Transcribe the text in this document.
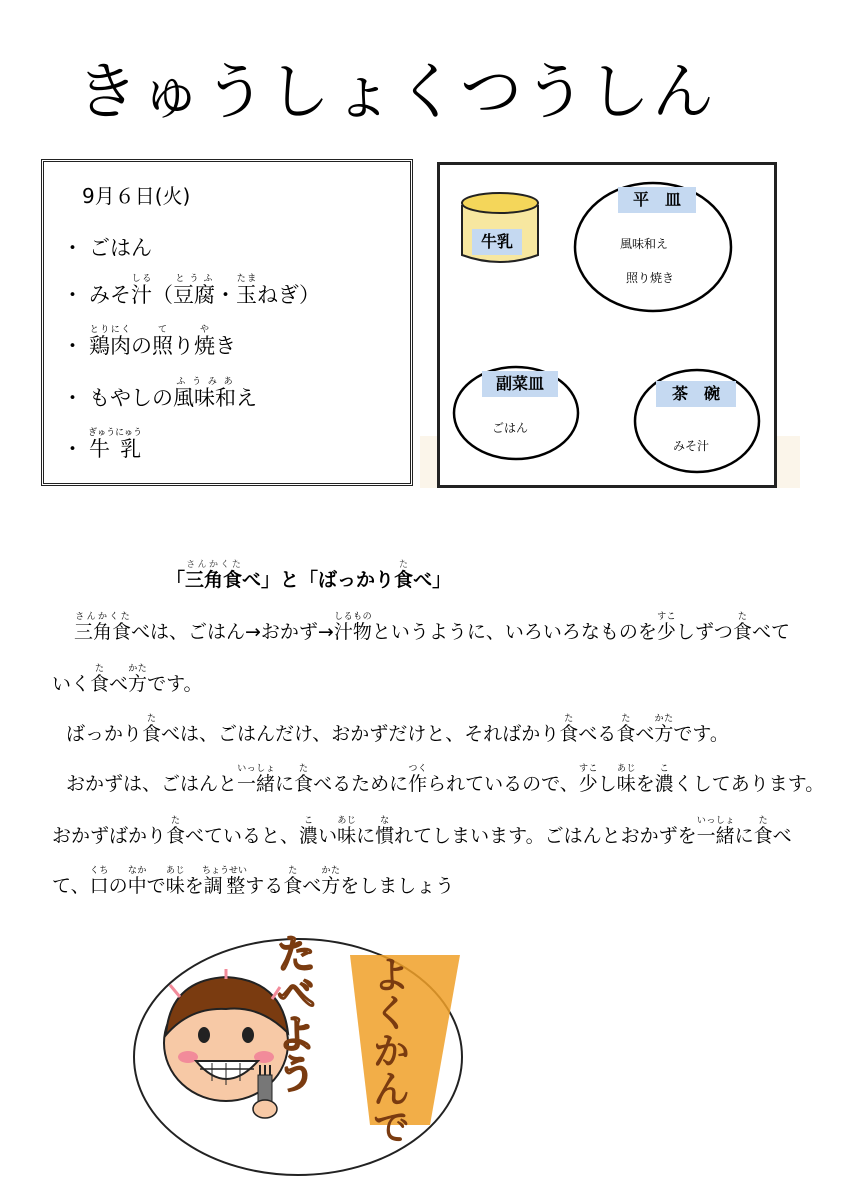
きゅうしょくつうしん
9月６日(火)
・ ごはん
・ みそ汁しる（豆腐とうふ・玉たまねぎ）
・ 鶏肉とりにくの照てり焼やき
・ もやしの風味和ふうみあえ
・ 牛 乳ぎゅうにゅう
牛乳
平　皿
風味和え
照り焼き
副菜皿
ごはん
茶　碗
みそ汁
「三角食さんかくたべ」と「ばっかり食たべ」
三角食さんかくたべは、ごはん→おかず→汁物しるものというように、いろいろなものを少すこしずつ食たべて
いく食たべ方かたです。
ばっかり食たべは、ごはんだけ、おかずだけと、そればかり食たべる食たべ方かたです。
おかずは、ごはんと一緒いっしょに食たべるために作つくられているので、少すこし味あじを濃こくしてあります。
おかずばかり食たべていると、濃こい味あじに慣なれてしまいます。ごはんとおかずを一緒いっしょに食たべ
て、口くちの中なかで味あじを調整ちょうせいする食たべ方かたをしましょう
たべよう よくかんで
